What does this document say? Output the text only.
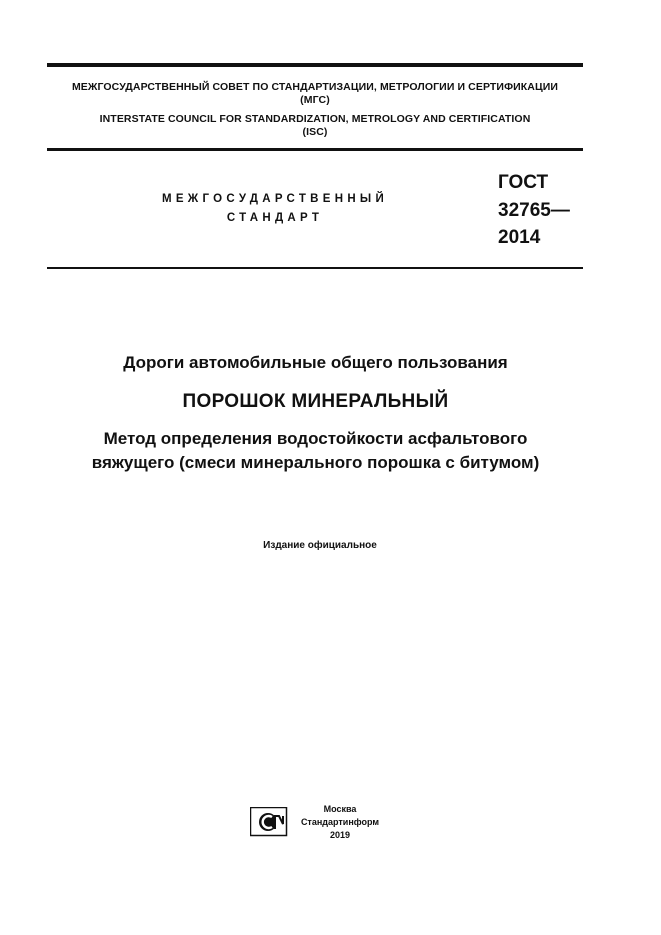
МЕЖГОСУДАРСТВЕННЫЙ СОВЕТ ПО СТАНДАРТИЗАЦИИ, МЕТРОЛОГИИ И СЕРТИФИКАЦИИ
(МГС)
INTERSTATE COUNCIL FOR STANDARDIZATION, METROLOGY AND CERTIFICATION
(ISC)
МЕЖГОСУДАРСТВЕННЫЙ
СТАНДАРТ
ГОСТ
32765—
2014
Дороги автомобильные общего пользования
ПОРОШОК МИНЕРАЛЬНЫЙ
Метод определения водостойкости асфальтового
вяжущего (смеси минерального порошка с битумом)
Издание официальное
Москва
Стандартинформ
2019
